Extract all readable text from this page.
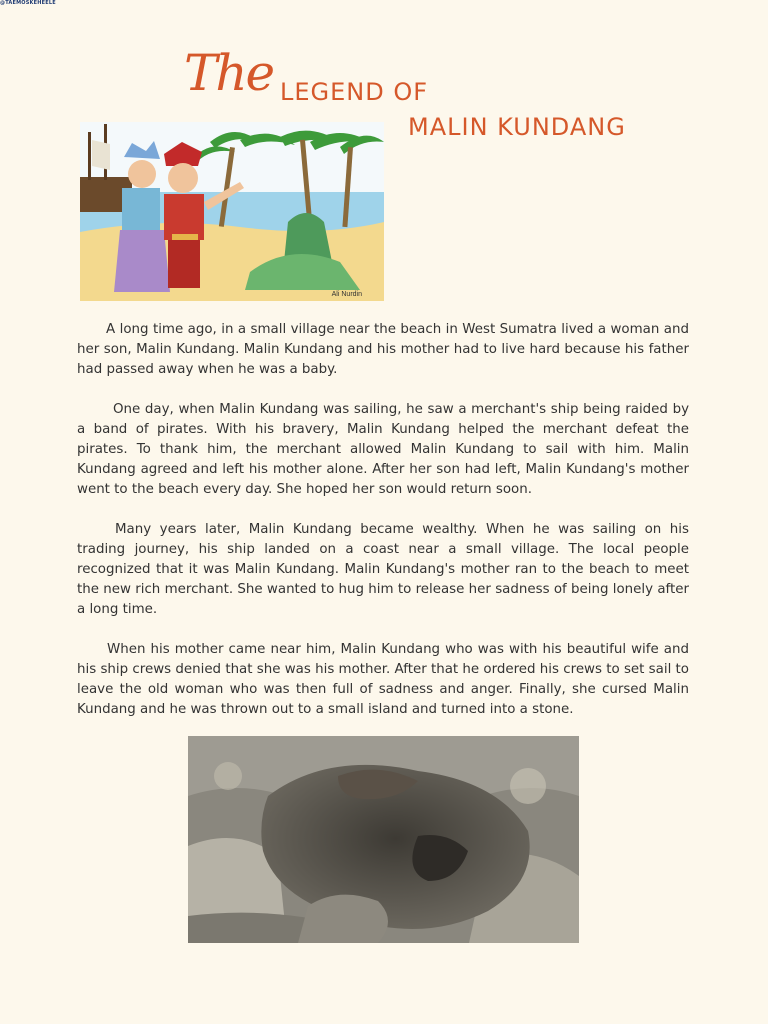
@TAEMOSKEHEELE
The LEGEND OF
MALIN KUNDANG
Ali Nurdin

A long time ago, in a small village near the beach in West Sumatra lived a woman and her son, Malin Kundang. Malin Kundang and his mother had to live hard because his father had passed away when he was a baby.

One day, when Malin Kundang was sailing, he saw a merchant's ship being raided by a band of pirates. With his bravery, Malin Kundang helped the merchant defeat the pirates. To thank him, the merchant allowed Malin Kundang to sail with him. Malin Kundang agreed and left his mother alone. After her son had left, Malin Kundang's mother went to the beach every day. She hoped her son would return soon.

Many years later, Malin Kundang became wealthy. When he was sailing on his trading journey, his ship landed on a coast near a small village. The local people recognized that it was Malin Kundang. Malin Kundang's mother ran to the beach to meet the new rich merchant. She wanted to hug him to release her sadness of being lonely after a long time.

When his mother came near him, Malin Kundang who was with his beautiful wife and his ship crews denied that she was his mother. After that he ordered his crews to set sail to leave the old woman who was then full of sadness and anger. Finally, she cursed Malin Kundang and he was thrown out to a small island and turned into a stone.
